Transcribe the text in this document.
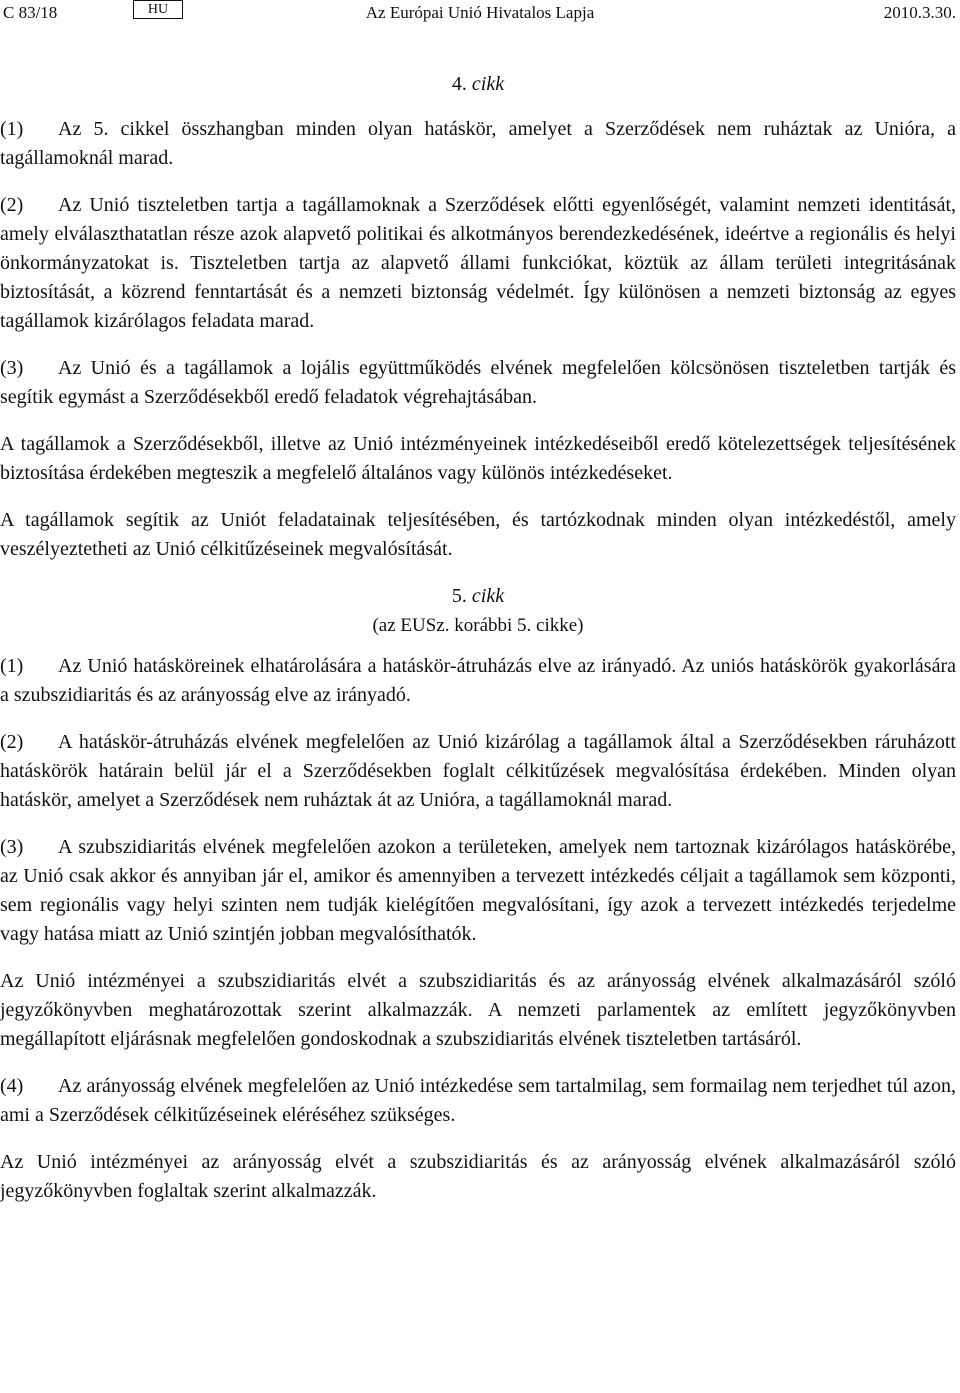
C 83/18	HU	Az Európai Unió Hivatalos Lapja	2010.3.30.
4. cikk

(1) Az 5. cikkel összhangban minden olyan hatáskör, amelyet a Szerződések nem ruháztak az Unióra, a tagállamoknál marad.

(2) Az Unió tiszteletben tartja a tagállamoknak a Szerződések előtti egyenlőségét, valamint nemzeti identitását, amely elválaszthatatlan része azok alapvető politikai és alkotmányos berendezkedésének, ideértve a regionális és helyi önkormányzatokat is. Tiszteletben tartja az alapvető állami funkciókat, köztük az állam területi integritásának biztosítását, a közrend fenntartását és a nemzeti biztonság védelmét. Így különösen a nemzeti biztonság az egyes tagállamok kizárólagos feladata marad.

(3) Az Unió és a tagállamok a lojális együttműködés elvének megfelelően kölcsönösen tiszteletben tartják és segítik egymást a Szerződésekből eredő feladatok végrehajtásában.

A tagállamok a Szerződésekből, illetve az Unió intézményeinek intézkedéseiből eredő kötelezettségek teljesítésének biztosítása érdekében megteszik a megfelelő általános vagy különös intézkedéseket.

A tagállamok segítik az Uniót feladatainak teljesítésében, és tartózkodnak minden olyan intézkedéstől, amely veszélyeztetheti az Unió célkitűzéseinek megvalósítását.

5. cikk
(az EUSz. korábbi 5. cikke)

(1) Az Unió hatásköreinek elhatárolására a hatáskör-átruházás elve az irányadó. Az uniós hatáskörök gyakorlására a szubszidiaritás és az arányosság elve az irányadó.

(2) A hatáskör-átruházás elvének megfelelően az Unió kizárólag a tagállamok által a Szerződésekben ráruházott hatáskörök határain belül jár el a Szerződésekben foglalt célkitűzések megvalósítása érdekében. Minden olyan hatáskör, amelyet a Szerződések nem ruháztak át az Unióra, a tagállamoknál marad.

(3) A szubszidiaritás elvének megfelelően azokon a területeken, amelyek nem tartoznak kizárólagos hatáskörébe, az Unió csak akkor és annyiban jár el, amikor és amennyiben a tervezett intézkedés céljait a tagállamok sem központi, sem regionális vagy helyi szinten nem tudják kielégítően megvalósítani, így azok a tervezett intézkedés terjedelme vagy hatása miatt az Unió szintjén jobban megvalósíthatók.

Az Unió intézményei a szubszidiaritás elvét a szubszidiaritás és az arányosság elvének alkalmazásáról szóló jegyzőkönyvben meghatározottak szerint alkalmazzák. A nemzeti parlamentek az említett jegyzőkönyvben megállapított eljárásnak megfelelően gondoskodnak a szubszidiaritás elvének tiszteletben tartásáról.

(4) Az arányosság elvének megfelelően az Unió intézkedése sem tartalmilag, sem formailag nem terjedhet túl azon, ami a Szerződések célkitűzéseinek eléréséhez szükséges.

Az Unió intézményei az arányosság elvét a szubszidiaritás és az arányosság elvének alkalmazásáról szóló jegyzőkönyvben foglaltak szerint alkalmazzák.
